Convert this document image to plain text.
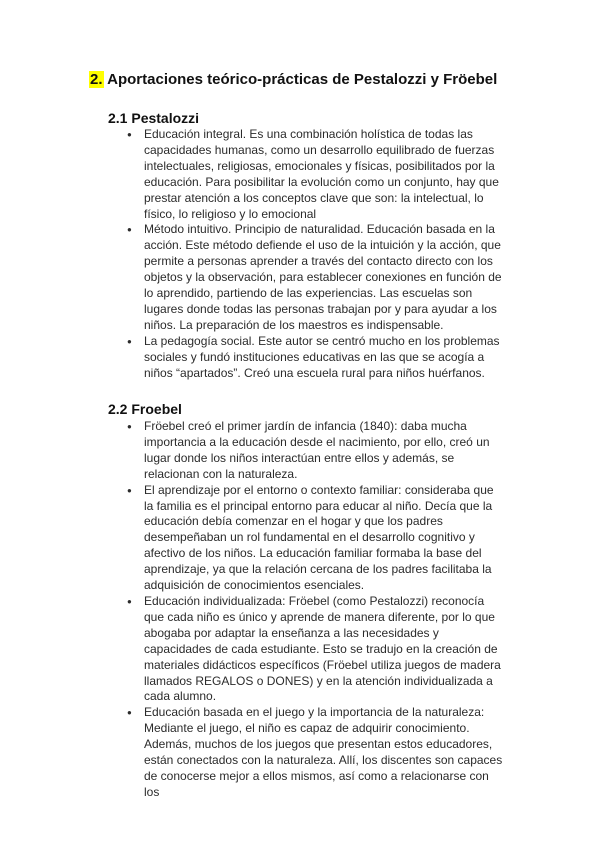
2. Aportaciones teórico-prácticas de Pestalozzi y Fröebel
2.1 Pestalozzi
● Educación integral. Es una combinación holística de todas las capacidades humanas, como un desarrollo equilibrado de fuerzas intelectuales, religiosas, emocionales y físicas, posibilitados por la educación. Para posibilitar la evolución como un conjunto, hay que prestar atención a los conceptos clave que son: la intelectual, lo físico, lo religioso y lo emocional
● Método intuitivo. Principio de naturalidad. Educación basada en la acción. Este método defiende el uso de la intuición y la acción, que permite a personas aprender a través del contacto directo con los objetos y la observación, para establecer conexiones en función de lo aprendido, partiendo de las experiencias. Las escuelas son lugares donde todas las personas trabajan por y para ayudar a los niños. La preparación de los maestros es indispensable.
● La pedagogía social. Este autor se centró mucho en los problemas sociales y fundó instituciones educativas en las que se acogía a niños “apartados”. Creó una escuela rural para niños huérfanos.
2.2 Froebel
● Fröebel creó el primer jardín de infancia (1840): daba mucha importancia a la educación desde el nacimiento, por ello, creó un lugar donde los niños interactúan entre ellos y además, se relacionan con la naturaleza.
● El aprendizaje por el entorno o contexto familiar: consideraba que la familia es el principal entorno para educar al niño. Decía que la educación debía comenzar en el hogar y que los padres desempeñaban un rol fundamental en el desarrollo cognitivo y afectivo de los niños. La educación familiar formaba la base del aprendizaje, ya que la relación cercana de los padres facilitaba la adquisición de conocimientos esenciales.
● Educación individualizada: Fröebel (como Pestalozzi) reconocía que cada niño es único y aprende de manera diferente, por lo que abogaba por adaptar la enseñanza a las necesidades y capacidades de cada estudiante. Esto se tradujo en la creación de materiales didácticos específicos (Fröebel utiliza juegos de madera llamados REGALOS o DONES) y en la atención individualizada a cada alumno.
● Educación basada en el juego y la importancia de la naturaleza: Mediante el juego, el niño es capaz de adquirir conocimiento. Además, muchos de los juegos que presentan estos educadores, están conectados con la naturaleza. Allí, los discentes son capaces de conocerse mejor a ellos mismos, así como a relacionarse con los
